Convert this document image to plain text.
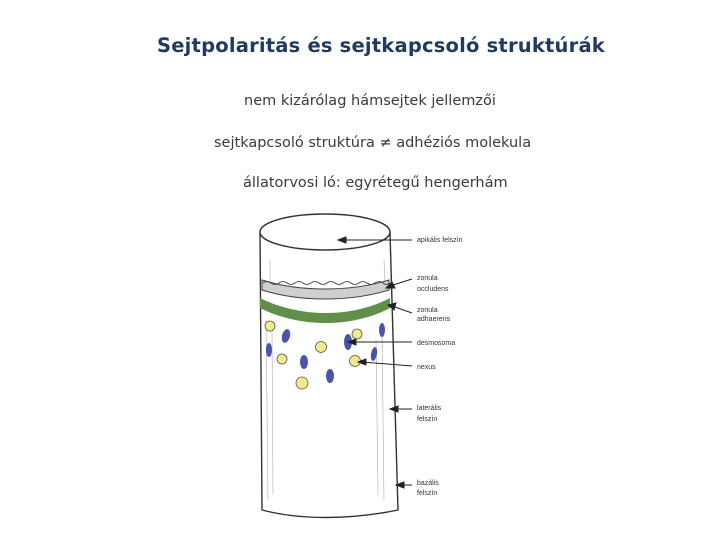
Sejtpolaritás és sejtkapcsoló struktúrák
nem kizárólag hámsejtek jellemzői
sejtkapcsoló struktúra ≠ adhéziós molekula
állatorvosi ló: egyrétegű hengerhám
apikális felszín
zonula
occludens
zonula
adhaerens
desmosoma
nexus
laterális
felszín
bazális
felszín
